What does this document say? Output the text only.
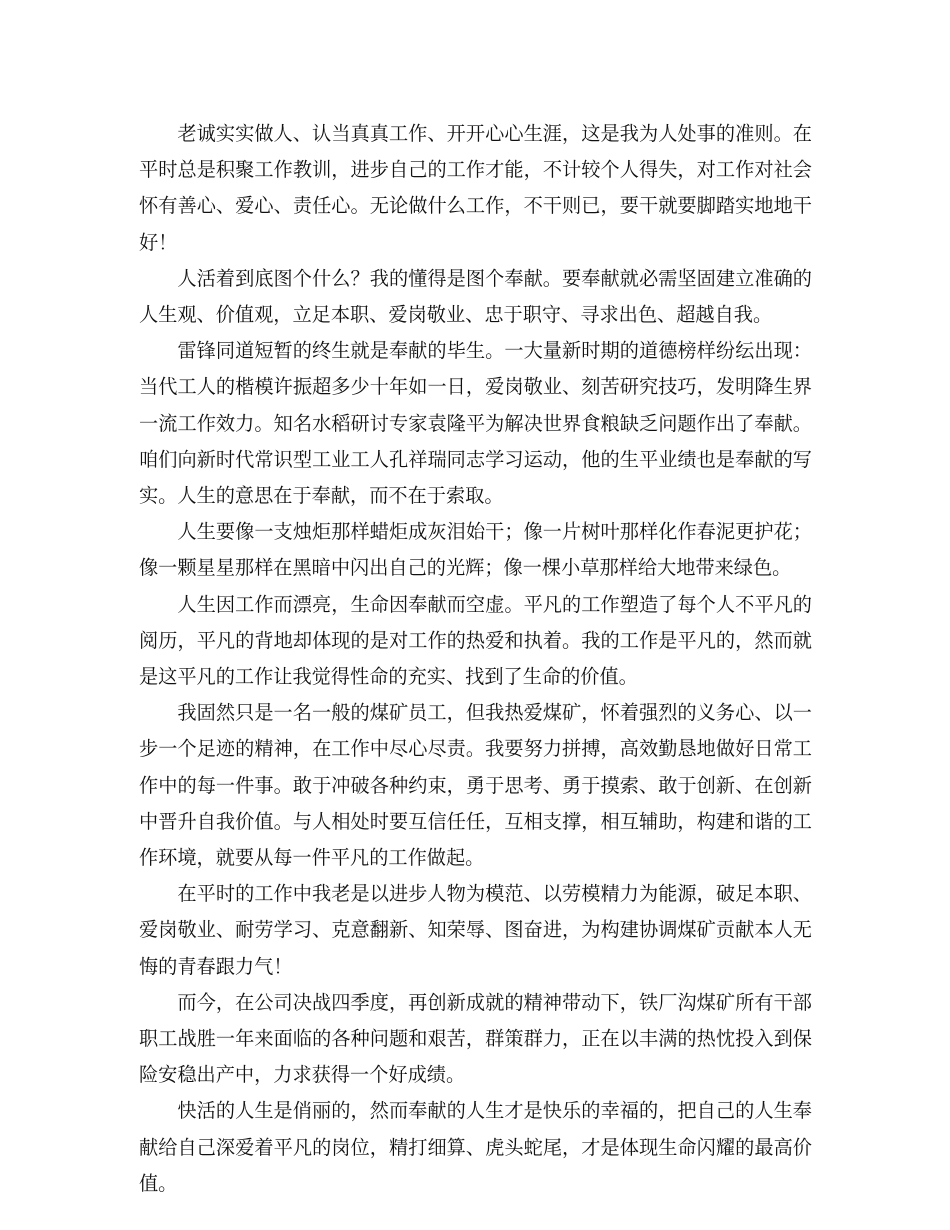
老诚实实做人、认当真真工作、开开心心生涯，这是我为人处事的准则。在平时总是积聚工作教训，进步自己的工作才能，不计较个人得失，对工作对社会怀有善心、爱心、责任心。无论做什么工作，不干则已，要干就要脚踏实地地干好！

人活着到底图个什么？我的懂得是图个奉献。要奉献就必需坚固建立准确的人生观、价值观，立足本职、爱岗敬业、忠于职守、寻求出色、超越自我。

雷锋同道短暂的终生就是奉献的毕生。一大量新时期的道德榜样纷纭出现：当代工人的楷模许振超多少十年如一日，爱岗敬业、刻苦研究技巧，发明降生界一流工作效力。知名水稻研讨专家袁隆平为解决世界食粮缺乏问题作出了奉献。咱们向新时代常识型工业工人孔祥瑞同志学习运动，他的生平业绩也是奉献的写实。人生的意思在于奉献，而不在于索取。

人生要像一支烛炬那样蜡炬成灰泪始干；像一片树叶那样化作春泥更护花；像一颗星星那样在黑暗中闪出自己的光辉；像一棵小草那样给大地带来绿色。

人生因工作而漂亮，生命因奉献而空虚。平凡的工作塑造了每个人不平凡的阅历，平凡的背地却体现的是对工作的热爱和执着。我的工作是平凡的，然而就是这平凡的工作让我觉得性命的充实、找到了生命的价值。

我固然只是一名一般的煤矿员工，但我热爱煤矿，怀着强烈的义务心、以一步一个足迹的精神，在工作中尽心尽责。我要努力拼搏，高效勤恳地做好日常工作中的每一件事。敢于冲破各种约束，勇于思考、勇于摸索、敢于创新、在创新中晋升自我价值。与人相处时要互信任任，互相支撑，相互辅助，构建和谐的工作环境，就要从每一件平凡的工作做起。

在平时的工作中我老是以进步人物为模范、以劳模精力为能源，破足本职、爱岗敬业、耐劳学习、克意翻新、知荣辱、图奋进，为构建协调煤矿贡献本人无悔的青春跟力气！

而今，在公司决战四季度，再创新成就的精神带动下，铁厂沟煤矿所有干部职工战胜一年来面临的各种问题和艰苦，群策群力，正在以丰满的热忱投入到保险安稳出产中，力求获得一个好成绩。

快活的人生是俏丽的，然而奉献的人生才是快乐的幸福的，把自己的人生奉献给自己深爱着平凡的岗位，精打细算、虎头蛇尾，才是体现生命闪耀的最高价值。
